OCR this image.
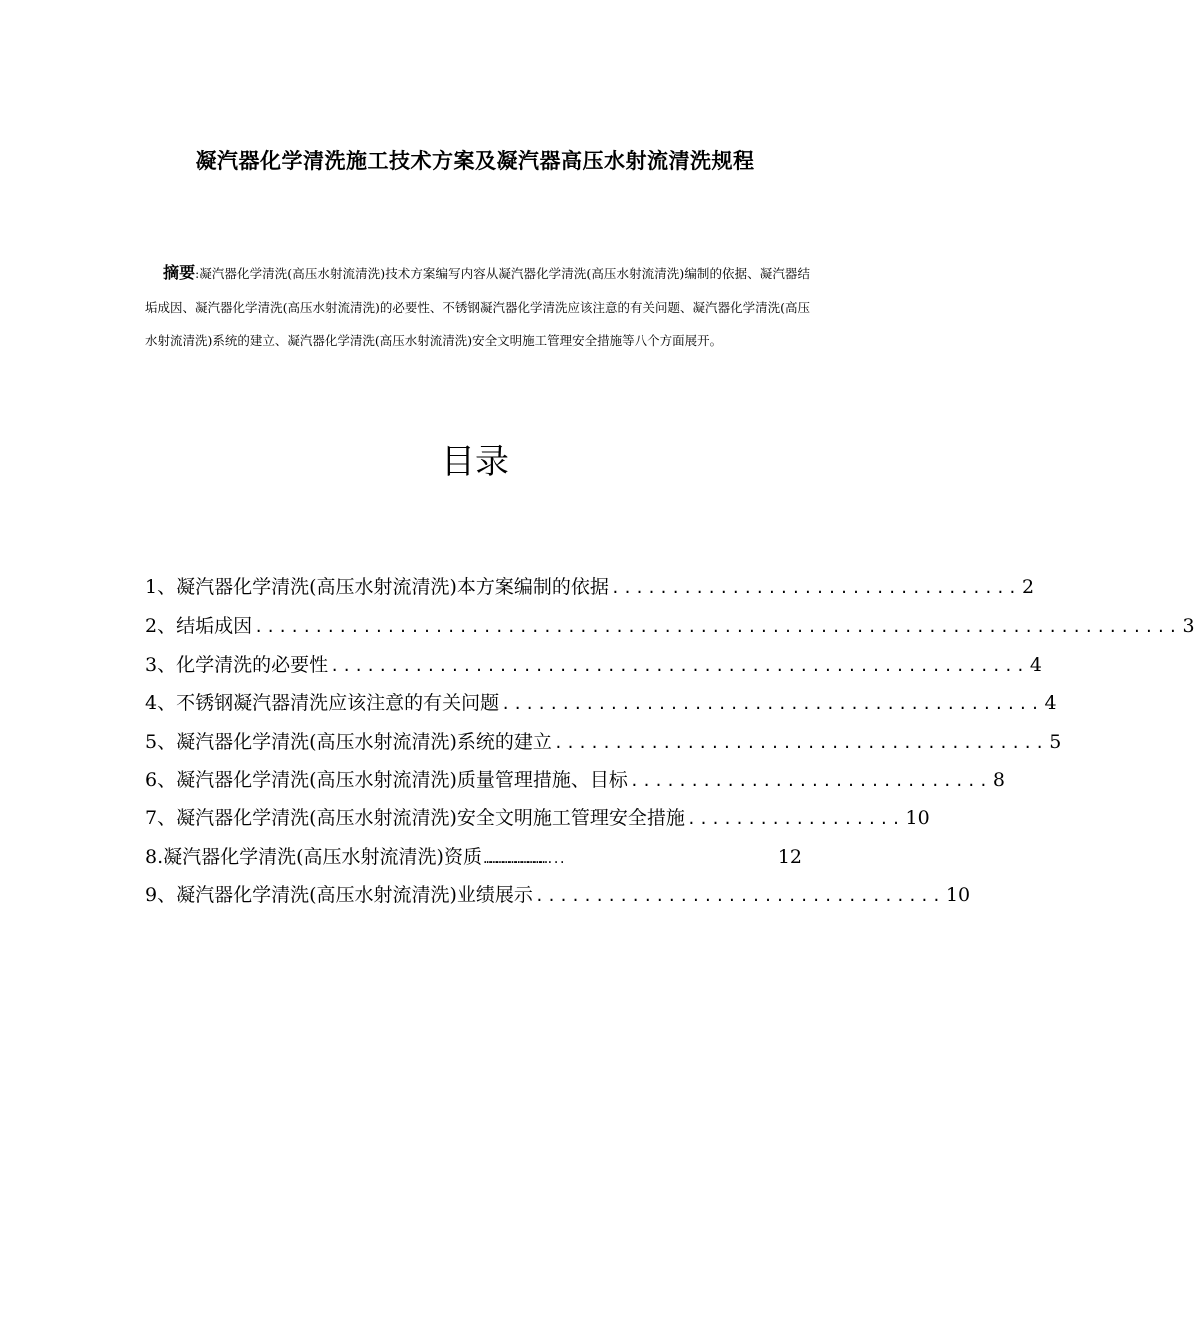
凝汽器化学清洗施工技术方案及凝汽器高压水射流清洗规程
摘要:凝汽器化学清洗(高压水射流清洗)技术方案编写内容从凝汽器化学清洗(高压水射流清洗)编制的依据、凝汽器结垢成因、凝汽器化学清洗(高压水射流清洗)的必要性、不锈钢凝汽器化学清洗应该注意的有关问题、凝汽器化学清洗(高压水射流清洗)系统的建立、凝汽器化学清洗(高压水射流清洗)安全文明施工管理安全措施等八个方面展开。
目录
1、凝汽器化学清洗(高压水射流清洗)本方案编制的依据 .................................. 2
2、结垢成因 ............................................................................. 3
3、化学清洗的必要性 .......................................................... 4
4、不锈钢凝汽器清洗应该注意的有关问题 ............................................. 4
5、凝汽器化学清洗(高压水射流清洗)系统的建立 ......................................... 5
6、凝汽器化学清洗(高压水射流清洗)质量管理措施、目标 .............................. 8
7、凝汽器化学清洗(高压水射流清洗)安全文明施工管理安全措施 .................. 10
8.凝汽器化学清洗(高压水射流清洗)资质 …………………………...	12
9、凝汽器化学清洗(高压水射流清洗)业绩展示 .................................. 10
